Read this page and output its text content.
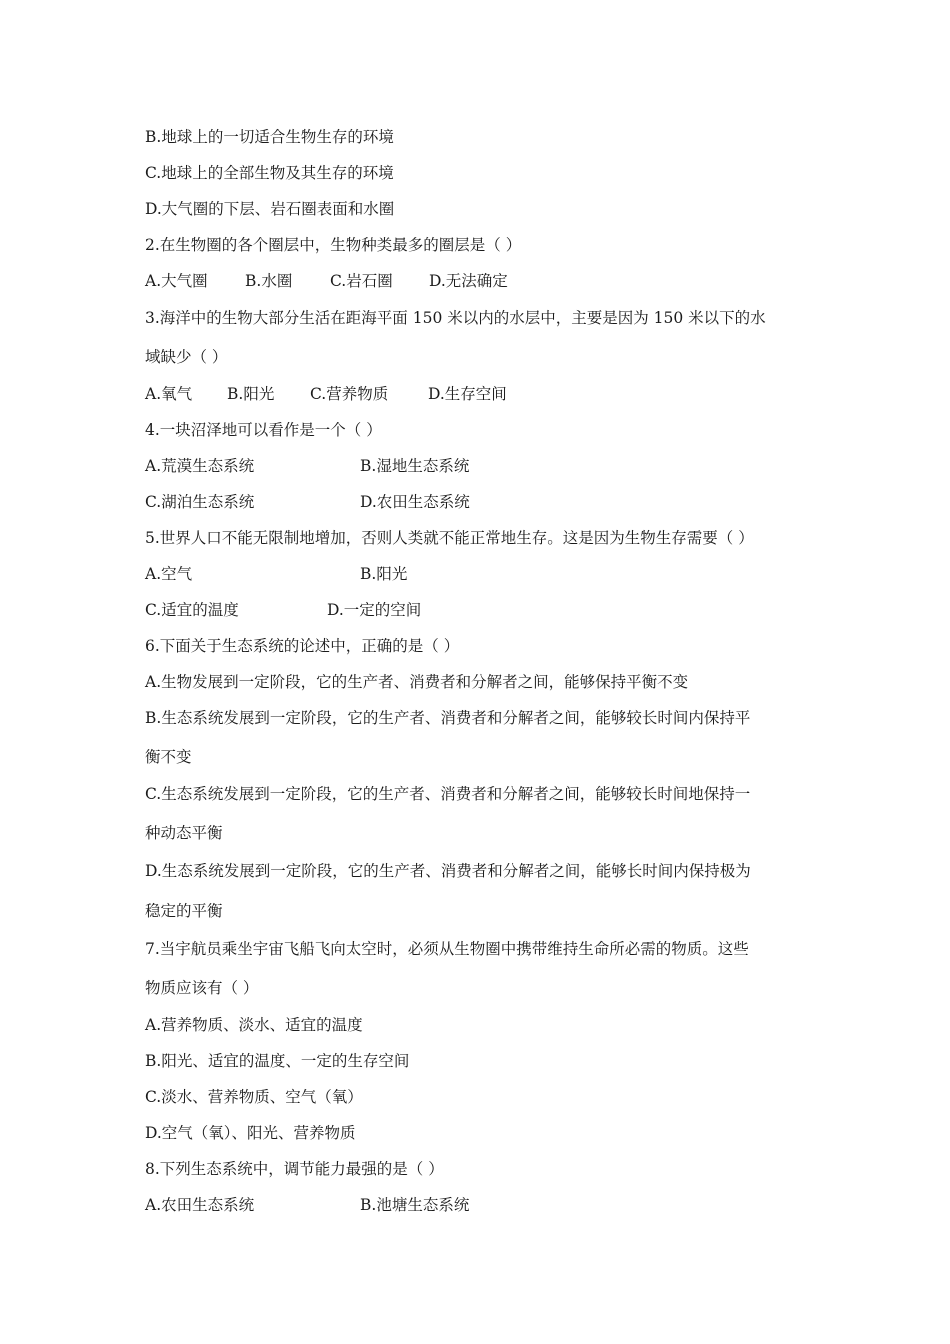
B.地球上的一切适合生物生存的环境
C.地球上的全部生物及其生存的环境
D.大气圈的下层、岩石圈表面和水圈
2.在生物圈的各个圈层中，生物种类最多的圈层是（ ）
A.大气圈 B.水圈 C.岩石圈 D.无法确定
3.海洋中的生物大部分生活在距海平面 150 米以内的水层中，主要是因为 150 米以下的水
域缺少（ ）
A.氧气 B.阳光 C.营养物质	D.生存空间
4.一块沼泽地可以看作是一个（ ）
A.荒漠生态系统	B.湿地生态系统
C.湖泊生态系统	D.农田生态系统
5.世界人口不能无限制地增加，否则人类就不能正常地生存。这是因为生物生存需要（ ）
A.空气	B.阳光
C.适宜的温度	D.一定的空间
6.下面关于生态系统的论述中，正确的是（ ）
A.生物发展到一定阶段，它的生产者、消费者和分解者之间，能够保持平衡不变
B.生态系统发展到一定阶段，它的生产者、消费者和分解者之间，能够较长时间内保持平
衡不变
C.生态系统发展到一定阶段，它的生产者、消费者和分解者之间，能够较长时间地保持一
种动态平衡
D.生态系统发展到一定阶段，它的生产者、消费者和分解者之间，能够长时间内保持极为
稳定的平衡
7.当宇航员乘坐宇宙飞船飞向太空时，必须从生物圈中携带维持生命所必需的物质。这些
物质应该有（ ）
A.营养物质、淡水、适宜的温度
B.阳光、适宜的温度、一定的生存空间
C.淡水、营养物质、空气（氧）
D.空气（氧）、阳光、营养物质
8.下列生态系统中，调节能力最强的是（ ）
A.农田生态系统	B.池塘生态系统
